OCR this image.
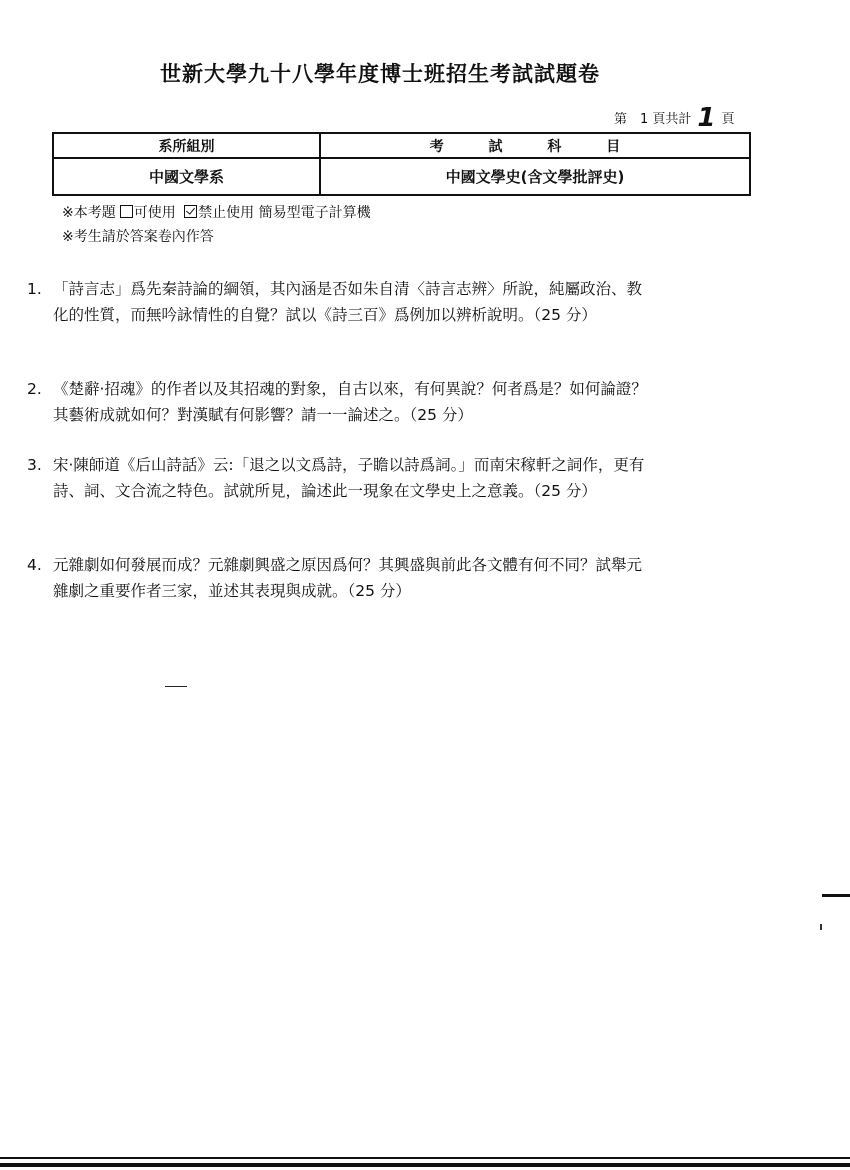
世新大學九十八學年度博士班招生考試試題卷
第　1 頁共計 1 頁
系所組別	考 試 科 目
中國文學系	中國文學史(含文學批評史)
※本考題 可使用 禁止使用 簡易型電子計算機
※考生請於答案卷內作答
1. 「詩言志」爲先秦詩論的綱領，其內涵是否如朱自清〈詩言志辨〉所說，純屬政治、教化的性質，而無吟詠情性的自覺？試以《詩三百》爲例加以辨析說明。（25 分）
2. 《楚辭‧招魂》的作者以及其招魂的對象，自古以來，有何異說？何者爲是？如何論證？其藝術成就如何？對漢賦有何影響？請一一論述之。（25 分）
3. 宋‧陳師道《后山詩話》云:「退之以文爲詩，子瞻以詩爲詞。」而南宋稼軒之詞作，更有詩、詞、文合流之特色。試就所見，論述此一現象在文學史上之意義。（25 分）
4. 元雜劇如何發展而成？元雜劇興盛之原因爲何？其興盛與前此各文體有何不同？試舉元雜劇之重要作者三家，並述其表現與成就。（25 分）
